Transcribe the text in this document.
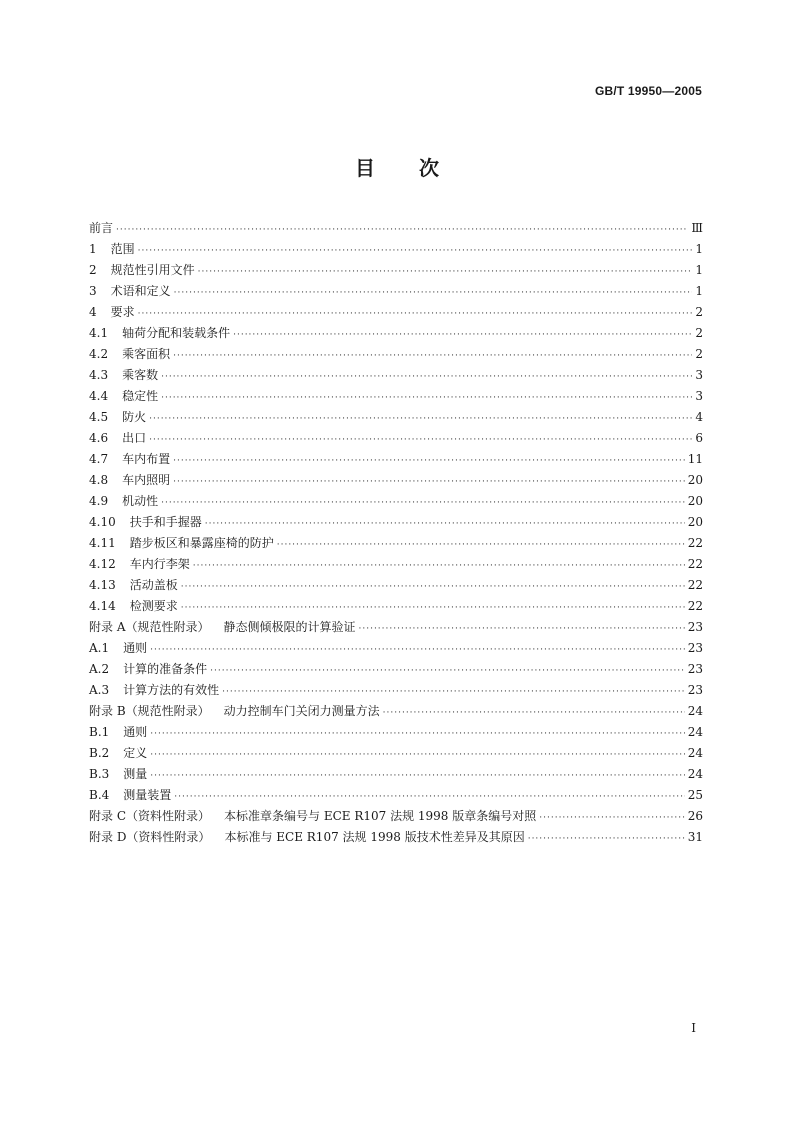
GB/T 19950—2005
目次
前言 ·····	Ⅲ
1 范围 ·····	1
2 规范性引用文件 ·····	1
3 术语和定义 ·····	1
4 要求 ·····	2
4.1 轴荷分配和装载条件 ·····	2
4.2 乘客面积 ·····	2
4.3 乘客数 ·····	3
4.4 稳定性 ·····	3
4.5 防火 ·····	4
4.6 出口 ·····	6
4.7 车内布置 ·····	11
4.8 车内照明 ·····	20
4.9 机动性 ·····	20
4.10 扶手和手握器 ·····	20
4.11 踏步板区和暴露座椅的防护 ·····	22
4.12 车内行李架 ·····	22
4.13 活动盖板 ·····	22
4.14 检测要求 ·····	22
附录 A（规范性附录） 静态侧倾极限的计算验证 ·····	23
A.1 通则 ·····	23
A.2 计算的准备条件 ·····	23
A.3 计算方法的有效性 ·····	23
附录 B（规范性附录） 动力控制车门关闭力测量方法 ·····	24
B.1 通则 ·····	24
B.2 定义 ·····	24
B.3 测量 ·····	24
B.4 测量装置 ·····	25
附录 C（资料性附录） 本标准章条编号与 ECE R107 法规 1998 版章条编号对照 ·····	26
附录 D（资料性附录） 本标准与 ECE R107 法规 1998 版技术性差异及其原因 ·····	31
I
